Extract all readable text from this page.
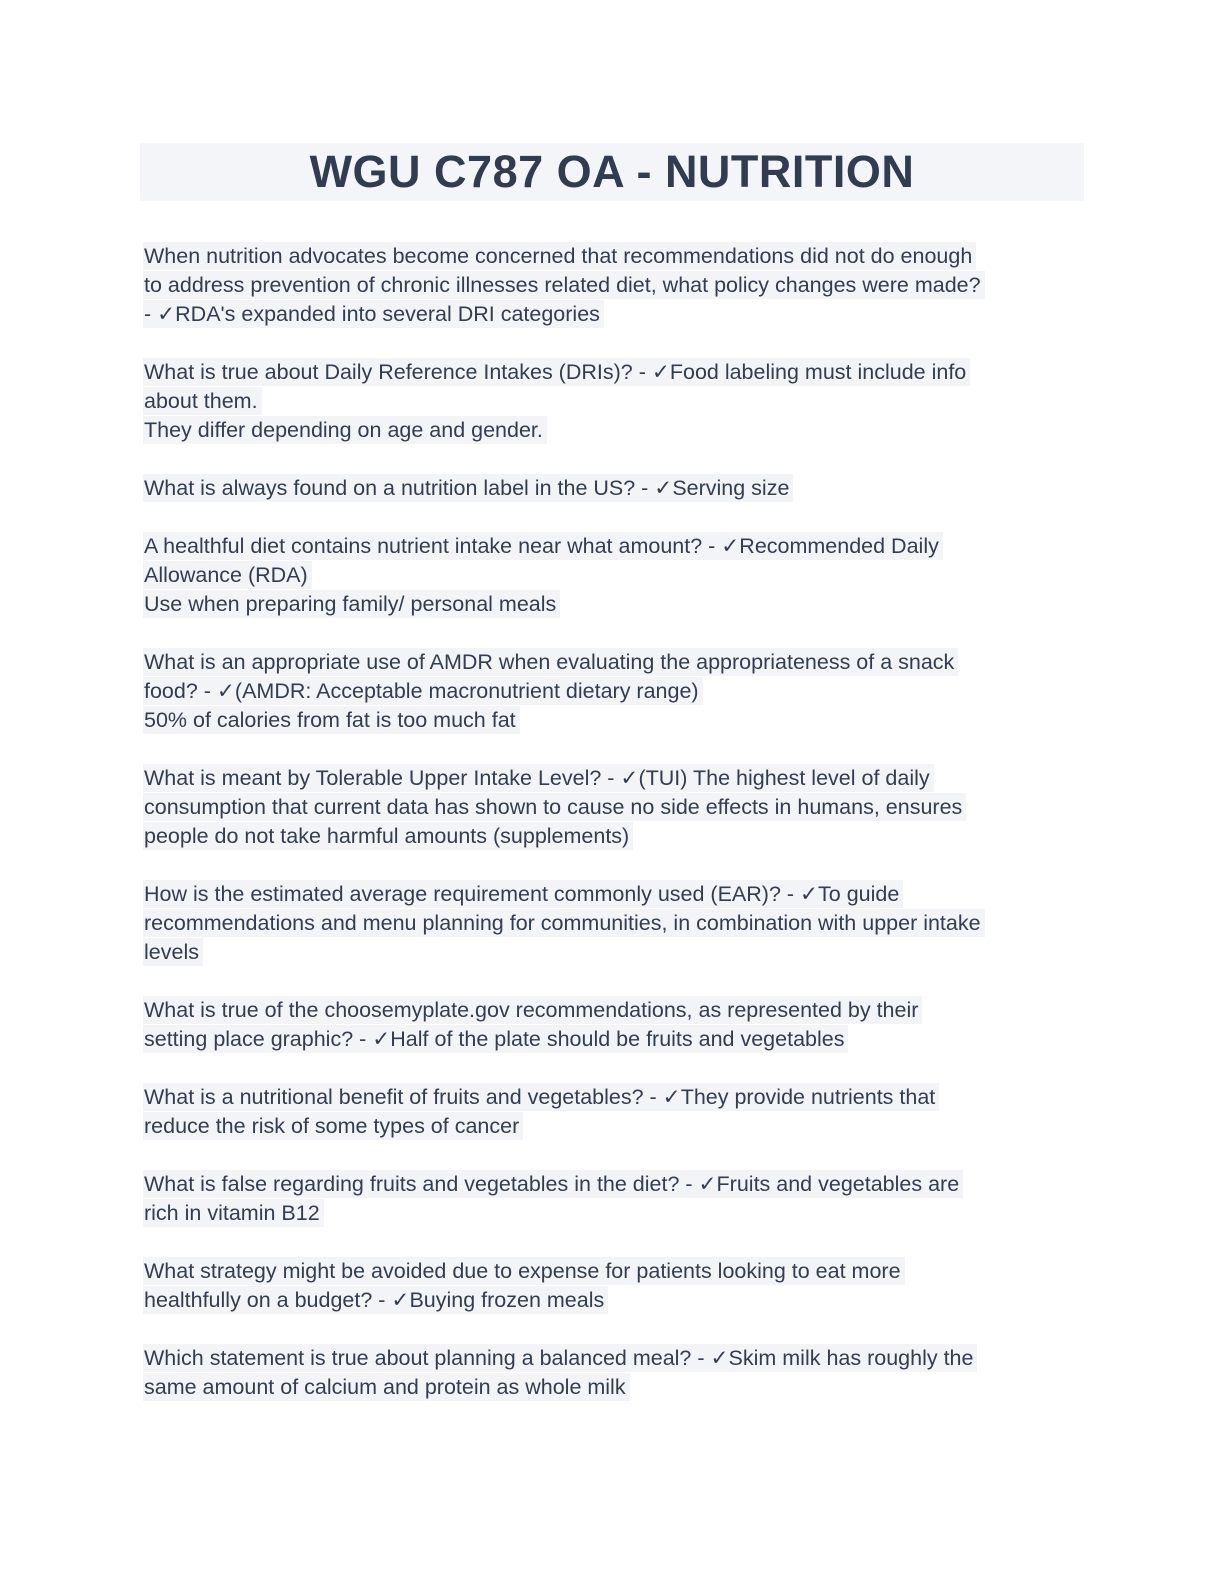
WGU C787 OA - NUTRITION
When nutrition advocates become concerned that recommendations did not do enough
to address prevention of chronic illnesses related diet, what policy changes were made?
- ✓RDA's expanded into several DRI categories
What is true about Daily Reference Intakes (DRIs)? - ✓Food labeling must include info
about them.
They differ depending on age and gender.
What is always found on a nutrition label in the US? - ✓Serving size
A healthful diet contains nutrient intake near what amount? - ✓Recommended Daily
Allowance (RDA)
Use when preparing family/ personal meals
What is an appropriate use of AMDR when evaluating the appropriateness of a snack
food? - ✓(AMDR: Acceptable macronutrient dietary range)
50% of calories from fat is too much fat
What is meant by Tolerable Upper Intake Level? - ✓(TUI) The highest level of daily
consumption that current data has shown to cause no side effects in humans, ensures
people do not take harmful amounts (supplements)
How is the estimated average requirement commonly used (EAR)? - ✓To guide
recommendations and menu planning for communities, in combination with upper intake
levels
What is true of the choosemyplate.gov recommendations, as represented by their
setting place graphic? - ✓Half of the plate should be fruits and vegetables
What is a nutritional benefit of fruits and vegetables? - ✓They provide nutrients that
reduce the risk of some types of cancer
What is false regarding fruits and vegetables in the diet? - ✓Fruits and vegetables are
rich in vitamin B12
What strategy might be avoided due to expense for patients looking to eat more
healthfully on a budget? - ✓Buying frozen meals
Which statement is true about planning a balanced meal? - ✓Skim milk has roughly the
same amount of calcium and protein as whole milk
